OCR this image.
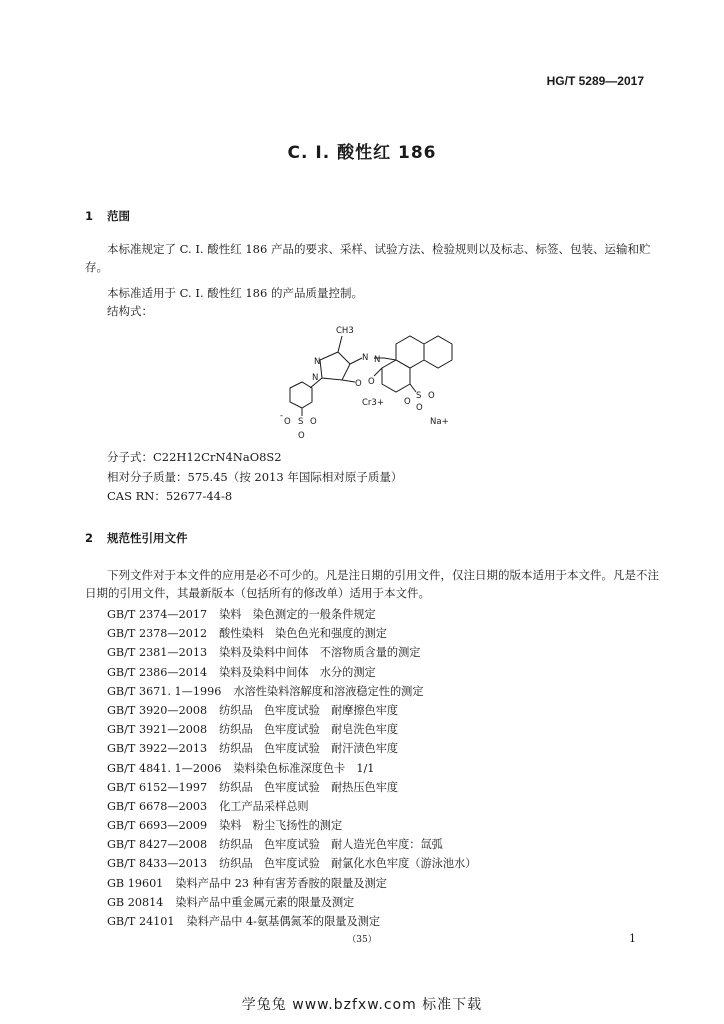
HG/T 5289—2017
C. I. 酸性红 186
1 范围

本标准规定了 C. I. 酸性红 186 产品的要求、采样、试验方法、检验规则以及标志、标签、包装、运输和贮存。

本标准适用于 C. I. 酸性红 186 的产品质量控制。
结构式：
CH3
N
N
N N
O O
Cr3+
Na+
S O
O
O
S O
O
O
-
分子式：C22H12CrN4NaO8S2
相对分子质量：575.45（按 2013 年国际相对原子质量）
CAS RN：52677-44-8
2 规范性引用文件

下列文件对于本文件的应用是必不可少的。凡是注日期的引用文件，仅注日期的版本适用于本文件。凡是不注日期的引用文件，其最新版本（包括所有的修改单）适用于本文件。

GB/T 2374—2017 染料　染色测定的一般条件规定
GB/T 2378—2012 酸性染料　染色色光和强度的测定
GB/T 2381—2013 染料及染料中间体　不溶物质含量的测定
GB/T 2386—2014 染料及染料中间体　水分的测定
GB/T 3671. 1—1996 水溶性染料溶解度和溶液稳定性的测定
GB/T 3920—2008 纺织品　色牢度试验　耐摩擦色牢度
GB/T 3921—2008 纺织品　色牢度试验　耐皂洗色牢度
GB/T 3922—2013 纺织品　色牢度试验　耐汗渍色牢度
GB/T 4841. 1—2006 染料染色标准深度色卡　1/1
GB/T 6152—1997 纺织品　色牢度试验　耐热压色牢度
GB/T 6678—2003 化工产品采样总则
GB/T 6693—2009 染料　粉尘飞扬性的测定
GB/T 8427—2008 纺织品　色牢度试验　耐人造光色牢度：氙弧
GB/T 8433—2013 纺织品　色牢度试验　耐氯化水色牢度（游泳池水）
GB 19601 染料产品中 23 种有害芳香胺的限量及测定
GB 20814 染料产品中重金属元素的限量及测定
GB/T 24101 染料产品中 4-氨基偶氮苯的限量及测定
（35）	1
学兔兔 www.bzfxw.com 标准下载
